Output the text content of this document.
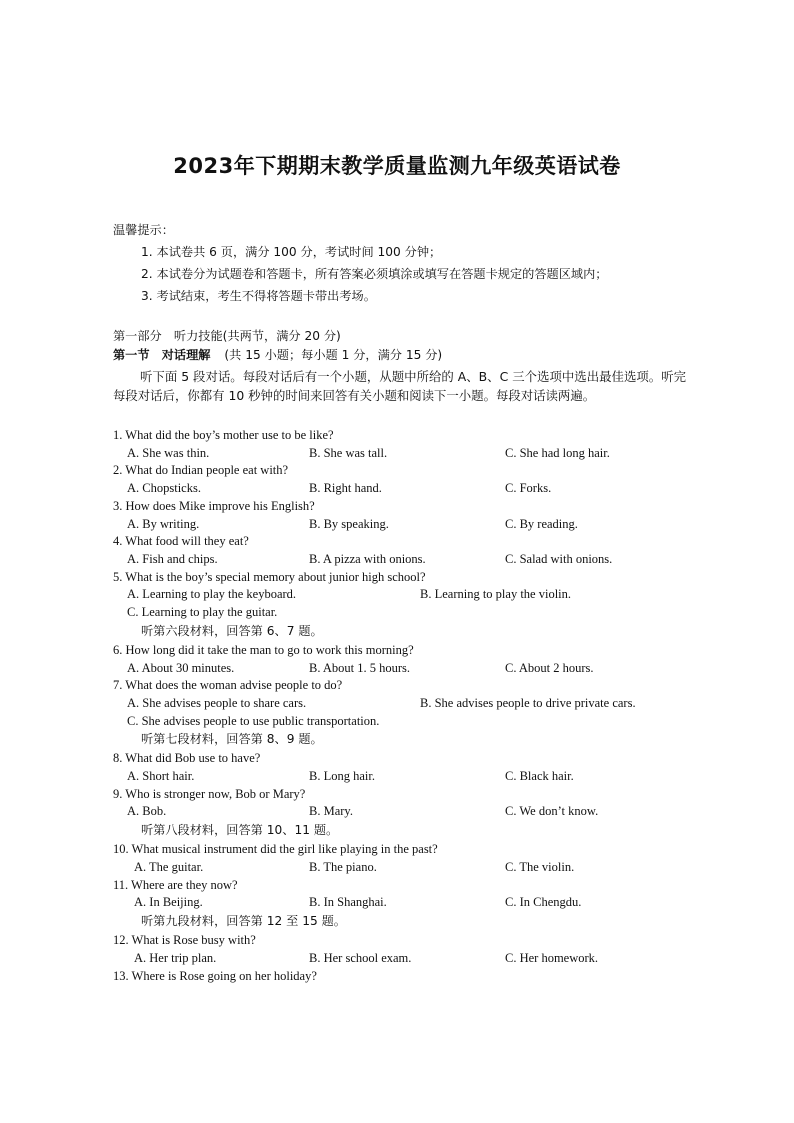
2023年下期期末教学质量监测九年级英语试卷
温馨提示：
1. 本试卷共 6 页，满分 100 分，考试时间 100 分钟；
2. 本试卷分为试题卷和答题卡，所有答案必须填涂或填写在答题卡规定的答题区域内；
3. 考试结束，考生不得将答题卡带出考场。
第一部分　听力技能(共两节，满分 20 分)
第一节　对话理解 (共 15 小题；每小题 1 分，满分 15 分)
听下面 5 段对话。每段对话后有一个小题，从题中所给的 A、B、C 三个选项中选出最佳选项。听完每段对话后，你都有 10 秒钟的时间来回答有关小题和阅读下一小题。每段对话读两遍。
1. What did the boy’s mother use to be like?
A. She was thin.	B. She was tall.	C. She had long hair.
2. What do Indian people eat with?
A. Chopsticks.	B. Right hand.	C. Forks.
3. How does Mike improve his English?
A. By writing.	B. By speaking.	C. By reading.
4. What food will they eat?
A. Fish and chips.	B. A pizza with onions.	C. Salad with onions.
5. What is the boy’s special memory about junior high school?
A. Learning to play the keyboard.	B. Learning to play the violin.
C. Learning to play the guitar.
听第六段材料，回答第 6、7 题。
6. How long did it take the man to go to work this morning?
A. About 30 minutes.	B. About 1. 5 hours.	C. About 2 hours.
7. What does the woman advise people to do?
A. She advises people to share cars.	B. She advises people to drive private cars.
C. She advises people to use public transportation.
听第七段材料，回答第 8、9 题。
8. What did Bob use to have?
A. Short hair.	B. Long hair.	C. Black hair.
9. Who is stronger now, Bob or Mary?
A. Bob.	B. Mary.	C. We don’t know.
听第八段材料，回答第 10、11 题。
10. What musical instrument did the girl like playing in the past?
A. The guitar.	B. The piano.	C. The violin.
11. Where are they now?
A. In Beijing.	B. In Shanghai.	C. In Chengdu.
听第九段材料，回答第 12 至 15 题。
12. What is Rose busy with?
A. Her trip plan.	B. Her school exam.	C. Her homework.
13. Where is Rose going on her holiday?
